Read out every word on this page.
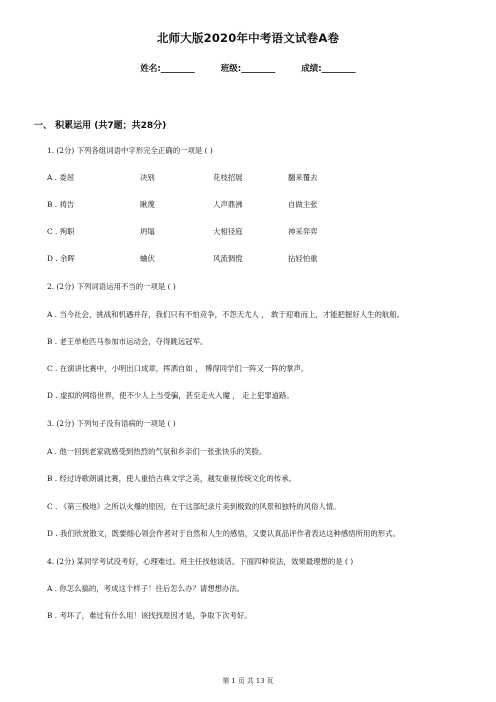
北师大版2020年中考语文试卷A卷
姓名:________	班级:________	成绩:________
一、 积累运用 (共7题；共28分)
1. (2分) 下列各组词语中字形完全正确的一项是 ( )
A . 委屈	决别	花枝招展	翻来覆去
B . 祷告	瞅蔑	人声鼎沸	自做主张
C . 殉职	坍塌	大相径庭	神采弈弈
D . 余晖	蛐伏	风流倜傥	拈轻怕重
2. (2分) 下列词语运用不当的一项是 ( )
A . 当今社会，挑战和机遇并存，我们只有不怕竞争，不怨天尤人 ， 敢于迎难而上，才能把握好人生的航船。
B . 老王单枪匹马参加市运动会，夺得跳远冠军。
C . 在演讲比赛中，小明出口成章，挥洒自如 ， 博得同学们一阵又一阵的掌声。
D . 虚拟的网络世界，使不少人上当受骗，甚至走火入魔 ， 走上犯罪道路。
3. (2分) 下列句子没有语病的一项是 ( )
A . 他一回到老家就感受到热烈的气氛和乡亲们一张张快乐的笑脸。
B . 经过诗歌朗诵比赛，使人重拾古典文学之美，越发重视传统文化的传承。
C . 《第三极地》之所以火爆的原因，在于这部纪录片美到极致的风景和独特的风俗人情。
D . 我们欣赏散文，既要细心领会作者对于自然和人生的感悟，又要认真品评作者表达这种感悟所用的形式。
4. (2分) 某同学考试没考好，心理难过。班主任找他谈话。下面四种说法，效果最理想的是 ( )
A . 你怎么搞的，考成这个样子！往后怎么办？请想想办法。
B . 考坏了，难过有什么用！该找找原因才是，争取下次考好。
第 1 页 共 13 页
